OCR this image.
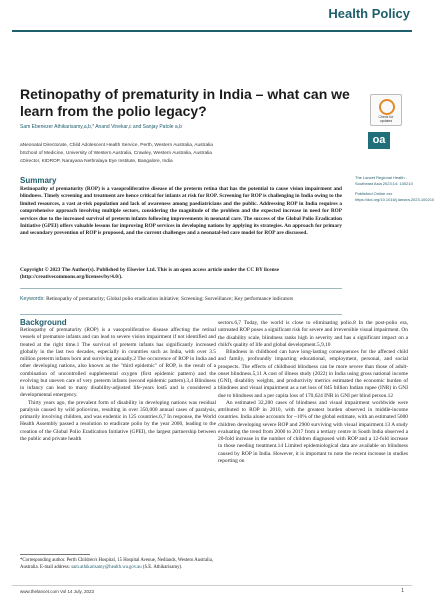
Health Policy
Retinopathy of prematurity in India – what can we learn from the polio legacy?	Check for updates
Sam Ebenezer Athikarisamy,a,b,* Anand Vinekar,c and Sanjay Patole a,b
oa
aNeonatal Directorate, Child Adolescent Health Service, Perth, Western Australia, Australia
bSchool of Medicine, University of Western Australia, Crawley, Western Australia, Australia
cDirector, KIDROP, Narayana Nethralaya Eye Institute, Bangalore, India
The Lancet Regional Health - Southeast Asia 2023;14: 100210
Published Online xxx
https://doi.org/10.1016/j.lansea.2023.100210
Summary
Retinopathy of prematurity (ROP) is a vasoproliferative disease of the preterm retina that has the potential to cause vision impairment and blindness. Timely screening and treatment are hence critical for infants at risk for ROP. Screening for ROP is challenging in India owing to the limited resources, a vast at-risk population and lack of awareness among paediatricians and the public. Addressing ROP in India requires a comprehensive approach involving multiple sectors, considering the magnitude of the problem and the expected increase in need for ROP services due to the increased survival of preterm infants following improvements in neonatal care. The success of the Global Polio Eradication Initiative (GPEI) offers valuable lessons for improving ROP services in developing nations by applying its strategies. An approach for primary and secondary prevention of ROP is proposed, and the current challenges and a neonatal-led care model for ROP are discussed.
Copyright © 2023 The Author(s). Published by Elsevier Ltd. This is an open access article under the CC BY license (http://creativecommons.org/licenses/by/4.0/).
Keywords: Retinopathy of prematurity; Global polio eradication initiative; Screening; Surveillance; Key performance indicators
Background

Retinopathy of prematurity (ROP) is a vasoproliferative disease affecting the retinal vessels of premature infants and can lead to severe vision impairment if not identified and treated at the right time.1 The survival of preterm infants has significantly increased globally in the last two decades, especially in countries such as India, with over 3.5 million preterm infants born and surviving annually.2 The occurrence of ROP in India and other developing nations, also known as the "third epidemic" of ROP, is the result of a combination of uncontrolled supplemental oxygen (first epidemic pattern) and the evolving but uneven care of very preterm infants (second epidemic pattern).3,4 Blindness in infancy can lead to many disability-adjusted life-years lost5 and is considered a developmental emergency.

Thirty years ago, the prevalent form of disability in developing nations was residual paralysis caused by wild poliovirus, resulting in over 350,000 annual cases of paralysis, primarily involving children, and was endemic in 125 countries.6,7 In response, the World Health Assembly passed a resolution to eradicate polio by the year 2000, leading to the creation of the Global Polio Eradication Initiative (GPEI), the largest partnership between the public and private health

sectors.6,7 Today, the world is close to eliminating polio.8 In the post-polio era, untreated ROP poses a significant risk for severe and irreversible visual impairment. On the disability scale, blindness ranks high in severity and has a significant impact on a child's quality of life and global development.5,9,10

Blindness in childhood can have long-lasting consequences for the affected child and family, profoundly impacting educational, employment, personal, and social prospects. The effects of childhood blindness can be more severe than those of adult-onset blindness.5,11 A cost of illness study (2022) in India using gross national income (GNI), disability weights, and productivity metrics estimated the economic burden of blindness and visual impairment as a net loss of 845 billion Indian rupee (INR) in GNI due to blindness and a per capita loss of 170,624 INR in GNI per blind person.12

An estimated 32,200 cases of blindness and visual impairment worldwide were attributed to ROP in 2010, with the greatest burden observed in middle-income countries. India alone accounts for ~10% of the global estimate, with an estimated 5000 children developing severe ROP and 2900 surviving with visual impairment.13 A study evaluating the trend from 2000 to 2017 from a tertiary centre in South India observed a 20-fold increase in the number of children diagnosed with ROP and a 12-fold increase in those needing treatment.14 Limited epidemiological data are available on blindness caused by ROP in India. However, it is important to note the recent increase in studies reporting on

*Corresponding author. Perth Children's Hospital, 15 Hospital Avenue, Nedlands, Western Australia, Australia. E-mail address: sam.athikarisamy@health.wa.gov.au (S.E. Athikarisamy).
www.thelancet.com Vol 14 July, 2023	1
